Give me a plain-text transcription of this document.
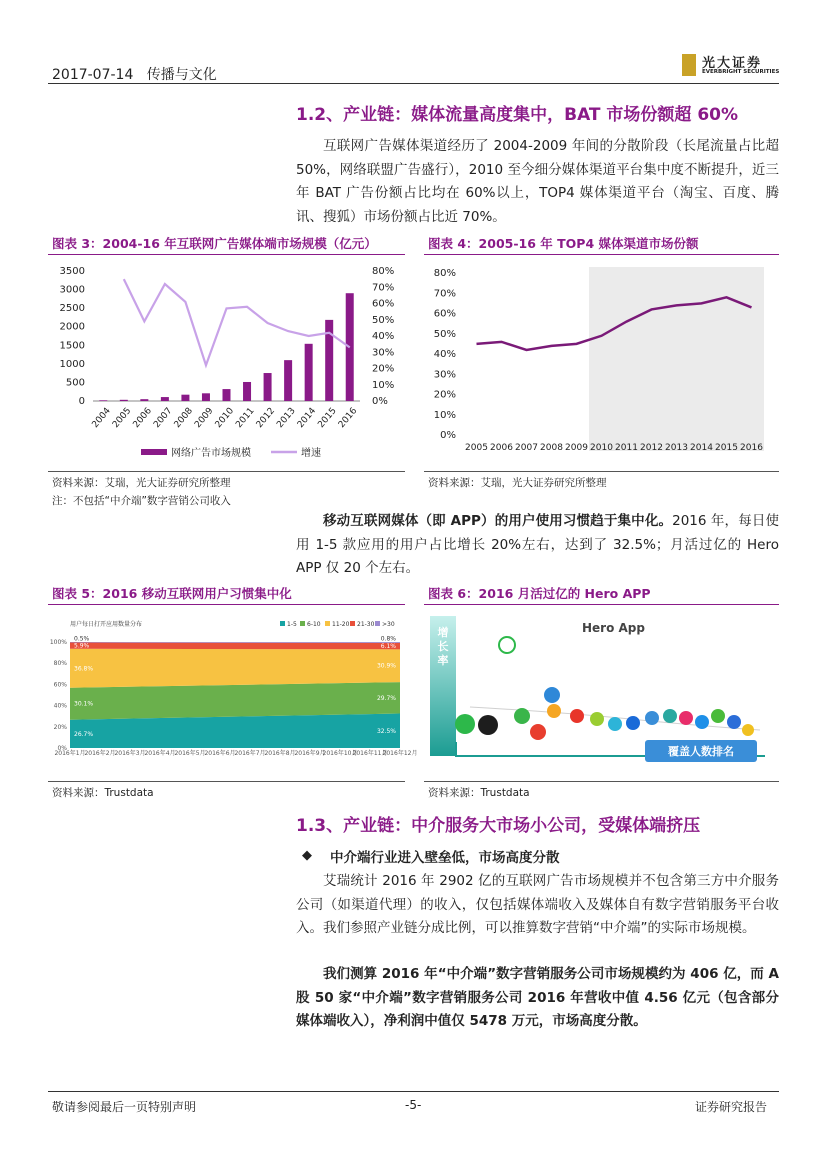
2017-07-14 传播与文化
光大证券
EVERBRIGHT SECURITIES
1.2、产业链：媒体流量高度集中，BAT 市场份额超 60%
互联网广告媒体渠道经历了 2004-2009 年间的分散阶段（长尾流量占比超 50%，网络联盟广告盛行），2010 至今细分媒体渠道平台集中度不断提升，近三年 BAT 广告份额占比均在 60%以上，TOP4 媒体渠道平台（淘宝、百度、腾讯、搜狐）市场份额占比近 70%。
图表 3：2004-16 年互联网广告媒体端市场规模（亿元）
0
500
1000
1500
2000
2500
3000
3500
0%
10%
20%
30%
40%
50%
60%
70%
80%
2004
2005
2006
2007
2008
2009
2010
2011
2012
2013
2014
2015
2016
网络广告市场规模	增速
资料来源：艾瑞，光大证券研究所整理
注：不包括“中介端”数字营销公司收入
图表 4：2005-16 年 TOP4 媒体渠道市场份额
0%
10%
20%
30%
40%
50%
60%
70%
80%
2005 2006 2007 2008 2009 2010 2011 2012 2013 2014 2015 2016
资料来源：艾瑞，光大证券研究所整理
移动互联网媒体（即 APP）的用户使用习惯趋于集中化。2016 年，每日使用 1-5 款应用的用户占比增长 20%左右，达到了 32.5%；月活过亿的 Hero APP 仅 20 个左右。
图表 5：2016 移动互联网用户习惯集中化
用户每日打开应用数量分布	1-5 6-10 11-20 21-30 >30
0%
20%
40%
60%
80%
100%
0.5%
5.9%
36.8%
30.1%
26.7%
0.8%
6.1%
30.9%
29.7%
32.5%
2016年1月
2016年2月
2016年3月
2016年4月
2016年5月
2016年6月
2016年7月
2016年8月
2016年9月
2016年10月
2016年11月
2016年12月
资料来源：Trustdata
图表 6：2016 月活过亿的 Hero APP
增
长
率
覆盖人数排名
Hero App
资料来源：Trustdata
1.3、产业链：中介服务大市场小公司，受媒体端挤压
◆ 中介端行业进入壁垒低，市场高度分散
艾瑞统计 2016 年 2902 亿的互联网广告市场规模并不包含第三方中介服务公司（如渠道代理）的收入，仅包括媒体端收入及媒体自有数字营销服务平台收入。我们参照产业链分成比例，可以推算数字营销“中介端”的实际市场规模。
我们测算 2016 年“中介端”数字营销服务公司市场规模约为 406 亿，而 A 股 50 家“中介端”数字营销服务公司 2016 年营收中值 4.56 亿元（包含部分媒体端收入），净利润中值仅 5478 万元，市场高度分散。
敬请参阅最后一页特别声明	-5-	证券研究报告
